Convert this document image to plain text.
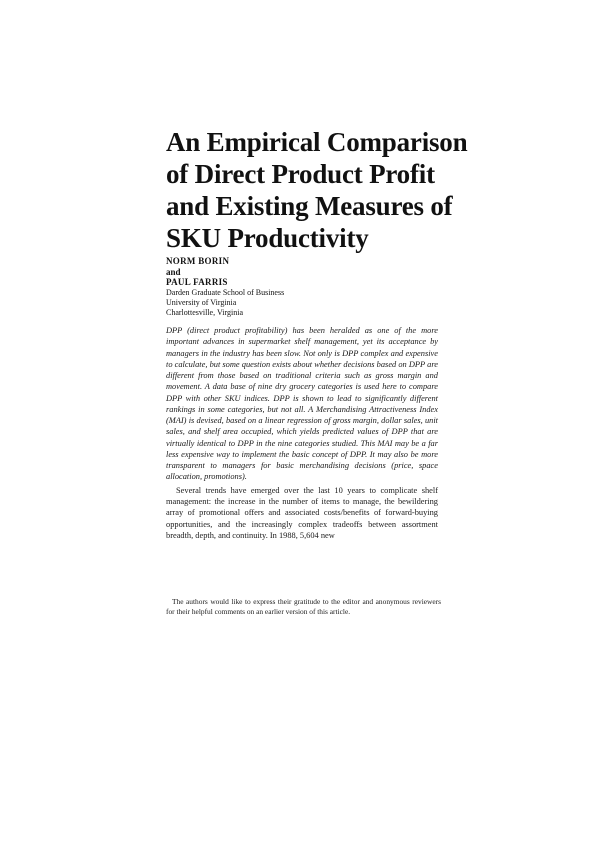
An Empirical Comparison
of Direct Product Profit
and Existing Measures of
SKU Productivity
NORM BORIN
and
PAUL FARRIS
Darden Graduate School of Business
University of Virginia
Charlottesville, Virginia

DPP (direct product profitability) has been heralded as one of the more important advances in supermarket shelf management, yet its acceptance by managers in the industry has been slow. Not only is DPP complex and expensive to calculate, but some question exists about whether decisions based on DPP are different from those based on traditional criteria such as gross margin and movement. A data base of nine dry grocery categories is used here to compare DPP with other SKU indices. DPP is shown to lead to significantly different rankings in some categories, but not all. A Merchandising Attractiveness Index (MAI) is devised, based on a linear regression of gross margin, dollar sales, unit sales, and shelf area occupied, which yields predicted values of DPP that are virtually identical to DPP in the nine categories studied. This MAI may be a far less expensive way to implement the basic concept of DPP. It may also be more transparent to managers for basic merchandising decisions (price, space allocation, promotions).

Several trends have emerged over the last 10 years to complicate shelf management: the increase in the number of items to manage, the bewildering array of promotional offers and associated costs/benefits of forward-buying opportunities, and the increasingly complex tradeoffs between assortment breadth, depth, and continuity. In 1988, 5,604 new

The authors would like to express their gratitude to the editor and anonymous reviewers for their helpful comments on an earlier version of this article.
